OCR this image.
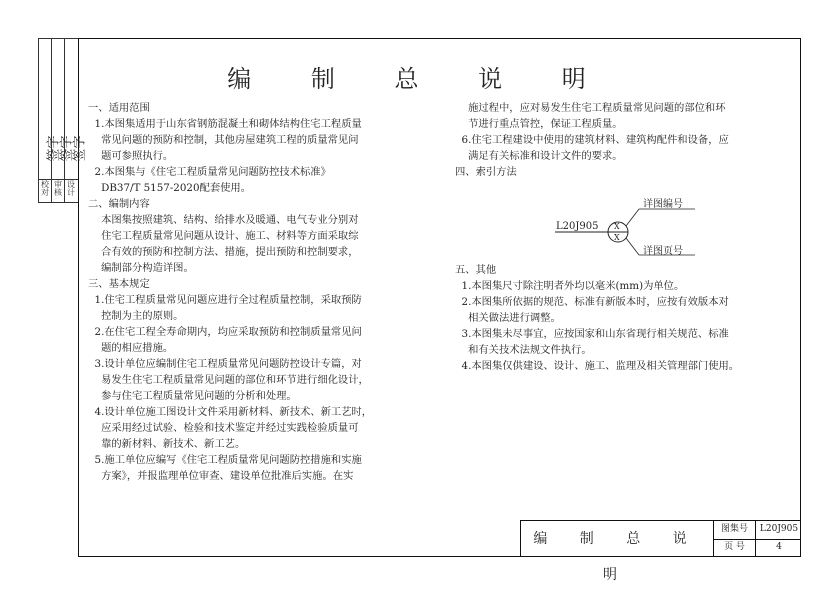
签字
签字
签字
校对
审核
设计
编 制 总 说 明
一、适用范围
1.本图集适用于山东省钢筋混凝土和砌体结构住宅工程质量
常见问题的预防和控制，其他房屋建筑工程的质量常见问
题可参照执行。
2.本图集与《住宅工程质量常见问题防控技术标准》
DB37/T 5157-2020配套使用。
二、编制内容
本图集按照建筑、结构、给排水及暖通、电气专业分别对
住宅工程质量常见问题从设计、施工、材料等方面采取综
合有效的预防和控制方法、措施，提出预防和控制要求，
编制部分构造详图。
三、基本规定
1.住宅工程质量常见问题应进行全过程质量控制，采取预防
控制为主的原则。
2.在住宅工程全寿命期内，均应采取预防和控制质量常见问
题的相应措施。
3.设计单位应编制住宅工程质量常见问题防控设计专篇，对
易发生住宅工程质量常见问题的部位和环节进行细化设计，
参与住宅工程质量常见问题的分析和处理。
4.设计单位施工图设计文件采用新材料、新技术、新工艺时，
应采用经过试验、检验和技术鉴定并经过实践检验质量可
靠的新材料、新技术、新工艺。
5.施工单位应编写《住宅工程质量常见问题防控措施和实施
方案》，并报监理单位审查、建设单位批准后实施。在实
施过程中，应对易发生住宅工程质量常见问题的部位和环
节进行重点管控，保证工程质量。
6.住宅工程建设中使用的建筑材料、建筑构配件和设备，应
满足有关标准和设计文件的要求。
四、索引方法
L20J905 X
X
详图编号
详图页号
五、其他
1.本图集尺寸除注明者外均以毫米(mm)为单位。
2.本图集所依据的规范、标准有新版本时，应按有效版本对
相关做法进行调整。
3.本图集未尽事宜，应按国家和山东省现行相关规范、标准
和有关技术法规文件执行。
4.本图集仅供建设、设计、施工、监理及相关管理部门使用。
编 制 总 说 明
图集号	L20J905
页 号	4
